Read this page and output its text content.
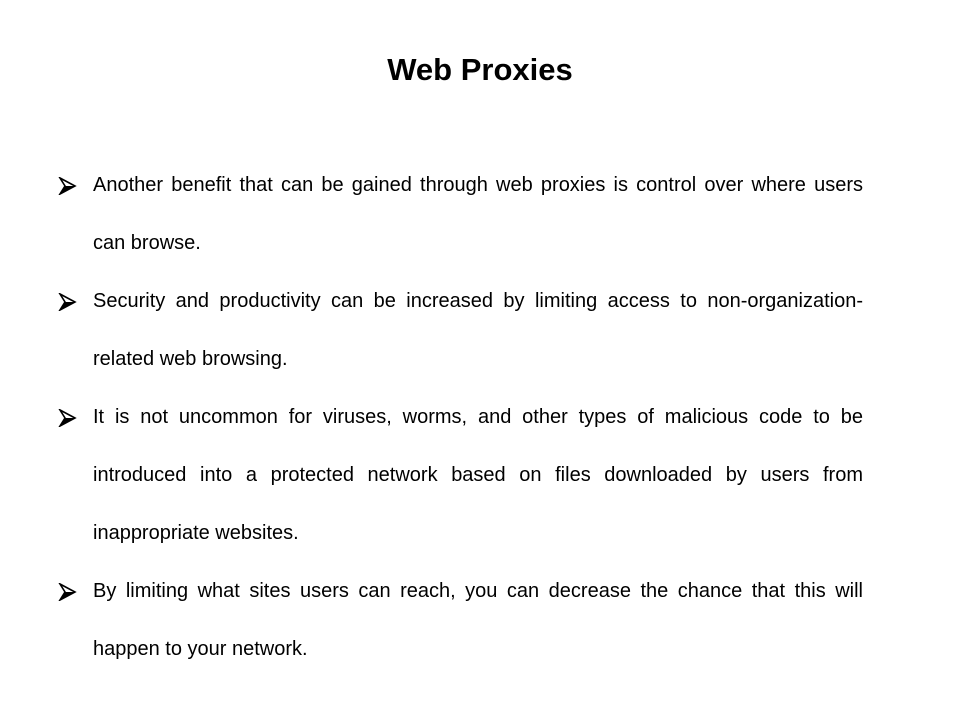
Web Proxies
Another benefit that can be gained through web proxies is control over where users can browse.
Security and productivity can be increased by limiting access to non-organization-related web browsing.
It is not uncommon for viruses, worms, and other types of malicious code to be introduced into a protected network based on files downloaded by users from inappropriate websites.
By limiting what sites users can reach, you can decrease the chance that this will happen to your network.
